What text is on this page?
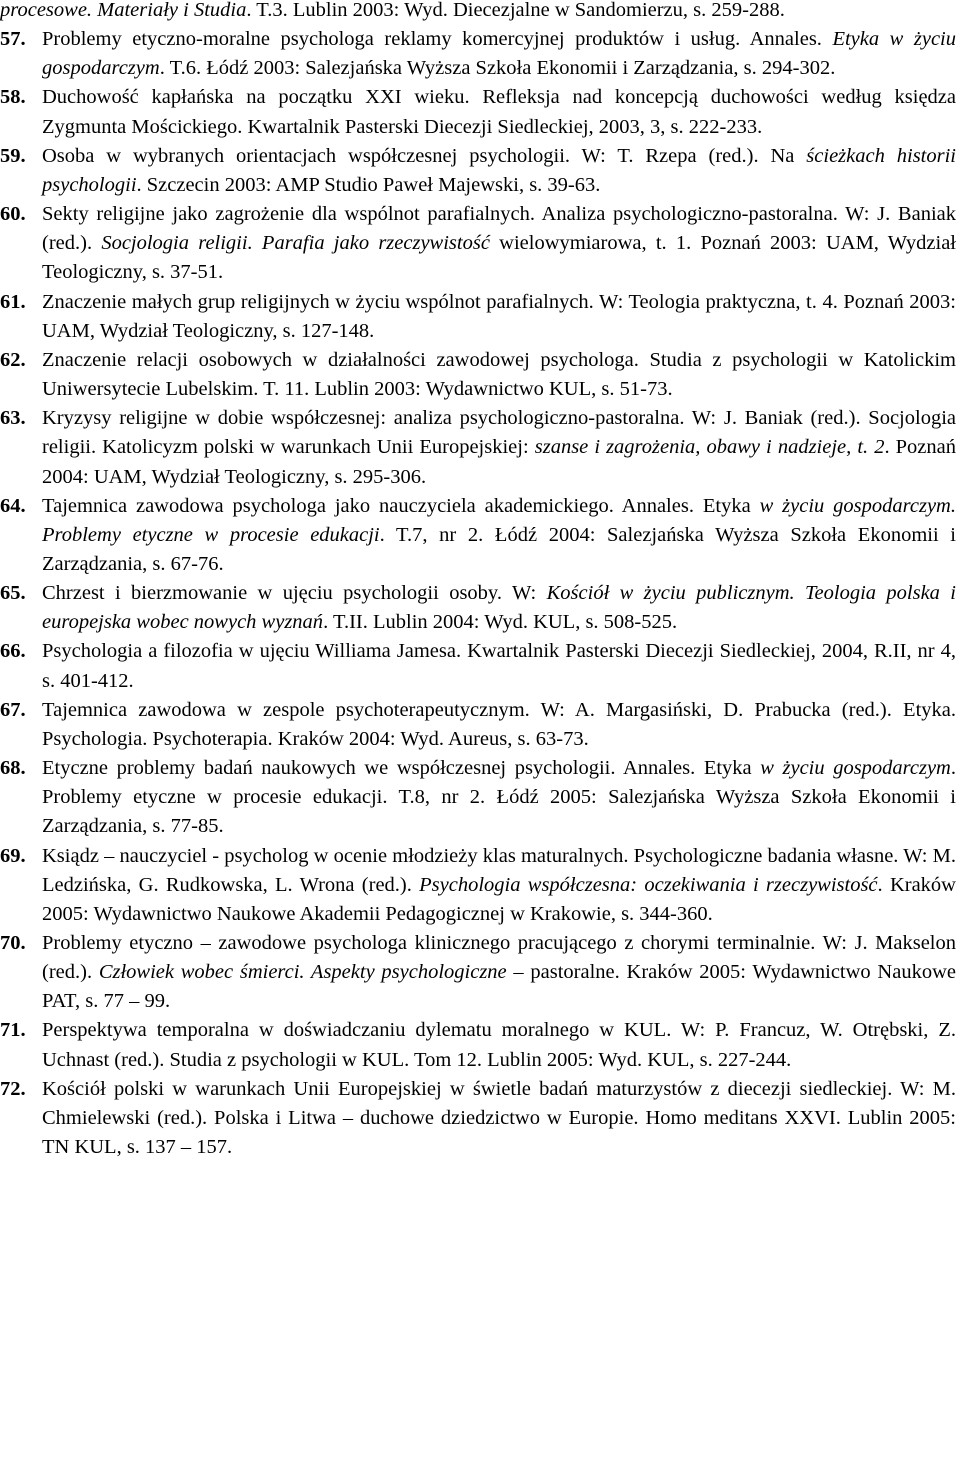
procesowe. Materiały i Studia. T.3. Lublin 2003: Wyd. Diecezjalne w Sandomierzu, s. 259-288.
57. Problemy etyczno-moralne psychologa reklamy komercyjnej produktów i usług. Annales. Etyka w życiu gospodarczym. T.6. Łódź 2003: Salezjańska Wyższa Szkoła Ekonomii i Zarządzania, s. 294-302.
58. Duchowość kapłańska na początku XXI wieku. Refleksja nad koncepcją duchowości według księdza Zygmunta Mościckiego. Kwartalnik Pasterski Diecezji Siedleckiej, 2003, 3, s. 222-233.
59. Osoba w wybranych orientacjach współczesnej psychologii. W: T. Rzepa (red.). Na ścieżkach historii psychologii. Szczecin 2003: AMP Studio Paweł Majewski, s. 39-63.
60. Sekty religijne jako zagrożenie dla wspólnot parafialnych. Analiza psychologiczno-pastoralna. W: J. Baniak (red.). Socjologia religii. Parafia jako rzeczywistość wielowymiarowa, t. 1. Poznań 2003: UAM, Wydział Teologiczny, s. 37-51.
61. Znaczenie małych grup religijnych w życiu wspólnot parafialnych. W: Teologia praktyczna, t. 4. Poznań 2003: UAM, Wydział Teologiczny, s. 127-148.
62. Znaczenie relacji osobowych w działalności zawodowej psychologa. Studia z psychologii w Katolickim Uniwersytecie Lubelskim. T. 11. Lublin 2003: Wydawnictwo KUL, s. 51-73.
63. Kryzysy religijne w dobie współczesnej: analiza psychologiczno-pastoralna. W: J. Baniak (red.). Socjologia religii. Katolicyzm polski w warunkach Unii Europejskiej: szanse i zagrożenia, obawy i nadzieje, t. 2. Poznań 2004: UAM, Wydział Teologiczny, s. 295-306.
64. Tajemnica zawodowa psychologa jako nauczyciela akademickiego. Annales. Etyka w życiu gospodarczym. Problemy etyczne w procesie edukacji. T.7, nr 2. Łódź 2004: Salezjańska Wyższa Szkoła Ekonomii i Zarządzania, s. 67-76.
65. Chrzest i bierzmowanie w ujęciu psychologii osoby. W: Kościół w życiu publicznym. Teologia polska i europejska wobec nowych wyznań. T.II. Lublin 2004: Wyd. KUL, s. 508-525.
66. Psychologia a filozofia w ujęciu Williama Jamesa. Kwartalnik Pasterski Diecezji Siedleckiej, 2004, R.II, nr 4, s. 401-412.
67. Tajemnica zawodowa w zespole psychoterapeutycznym. W: A. Margasiński, D. Prabucka (red.). Etyka. Psychologia. Psychoterapia. Kraków 2004: Wyd. Aureus, s. 63-73.
68. Etyczne problemy badań naukowych we współczesnej psychologii. Annales. Etyka w życiu gospodarczym. Problemy etyczne w procesie edukacji. T.8, nr 2. Łódź 2005: Salezjańska Wyższa Szkoła Ekonomii i Zarządzania, s. 77-85.
69. Ksiądz – nauczyciel - psycholog w ocenie młodzieży klas maturalnych. Psychologiczne badania własne. W: M. Ledzińska, G. Rudkowska, L. Wrona (red.). Psychologia współczesna: oczekiwania i rzeczywistość. Kraków 2005: Wydawnictwo Naukowe Akademii Pedagogicznej w Krakowie, s. 344-360.
70. Problemy etyczno – zawodowe psychologa klinicznego pracującego z chorymi terminalnie. W: J. Makselon (red.). Człowiek wobec śmierci. Aspekty psychologiczne – pastoralne. Kraków 2005: Wydawnictwo Naukowe PAT, s. 77 – 99.
71. Perspektywa temporalna w doświadczaniu dylematu moralnego w KUL. W: P. Francuz, W. Otrębski, Z. Uchnast (red.). Studia z psychologii w KUL. Tom 12. Lublin 2005: Wyd. KUL, s. 227-244.
72. Kościół polski w warunkach Unii Europejskiej w świetle badań maturzystów z diecezji siedleckiej. W: M. Chmielewski (red.). Polska i Litwa – duchowe dziedzictwo w Europie. Homo meditans XXVI. Lublin 2005: TN KUL, s. 137 – 157.
